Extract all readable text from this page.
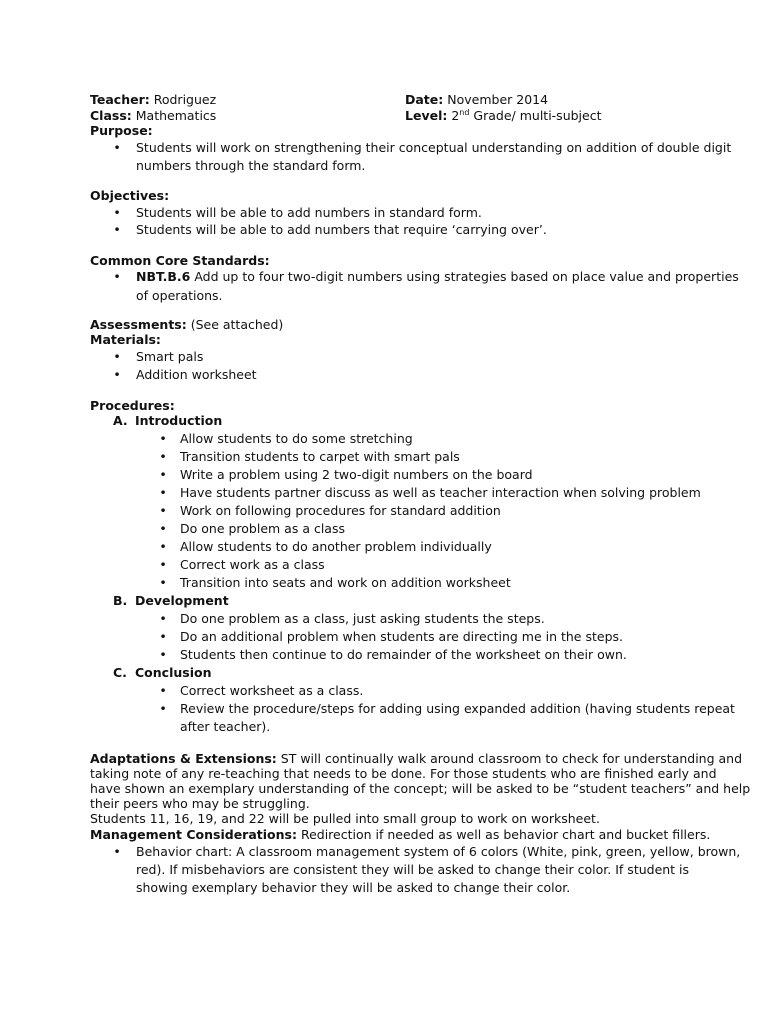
Teacher: Rodriguez	Date: November 2014
Class: Mathematics	Level: 2nd Grade/ multi-subject
Purpose:
• Students will work on strengthening their conceptual understanding on addition of double digit
numbers through the standard form.
Objectives:
• Students will be able to add numbers in standard form.
• Students will be able to add numbers that require ‘carrying over’.
Common Core Standards:
• NBT.B.6 Add up to four two-digit numbers using strategies based on place value and properties
of operations.
Assessments: (See attached)
Materials:
• Smart pals
• Addition worksheet
Procedures:
A. Introduction
• Allow students to do some stretching
• Transition students to carpet with smart pals
• Write a problem using 2 two-digit numbers on the board
• Have students partner discuss as well as teacher interaction when solving problem
• Work on following procedures for standard addition
• Do one problem as a class
• Allow students to do another problem individually
• Correct work as a class
• Transition into seats and work on addition worksheet
B. Development
• Do one problem as a class, just asking students the steps.
• Do an additional problem when students are directing me in the steps.
• Students then continue to do remainder of the worksheet on their own.
C. Conclusion
• Correct worksheet as a class.
• Review the procedure/steps for adding using expanded addition (having students repeat
after teacher).
Adaptations & Extensions: ST will continually walk around classroom to check for understanding and
taking note of any re-teaching that needs to be done. For those students who are finished early and
have shown an exemplary understanding of the concept; will be asked to be “student teachers” and help
their peers who may be struggling.
Students 11, 16, 19, and 22 will be pulled into small group to work on worksheet.
Management Considerations: Redirection if needed as well as behavior chart and bucket fillers.
• Behavior chart: A classroom management system of 6 colors (White, pink, green, yellow, brown,
red). If misbehaviors are consistent they will be asked to change their color. If student is
showing exemplary behavior they will be asked to change their color.
